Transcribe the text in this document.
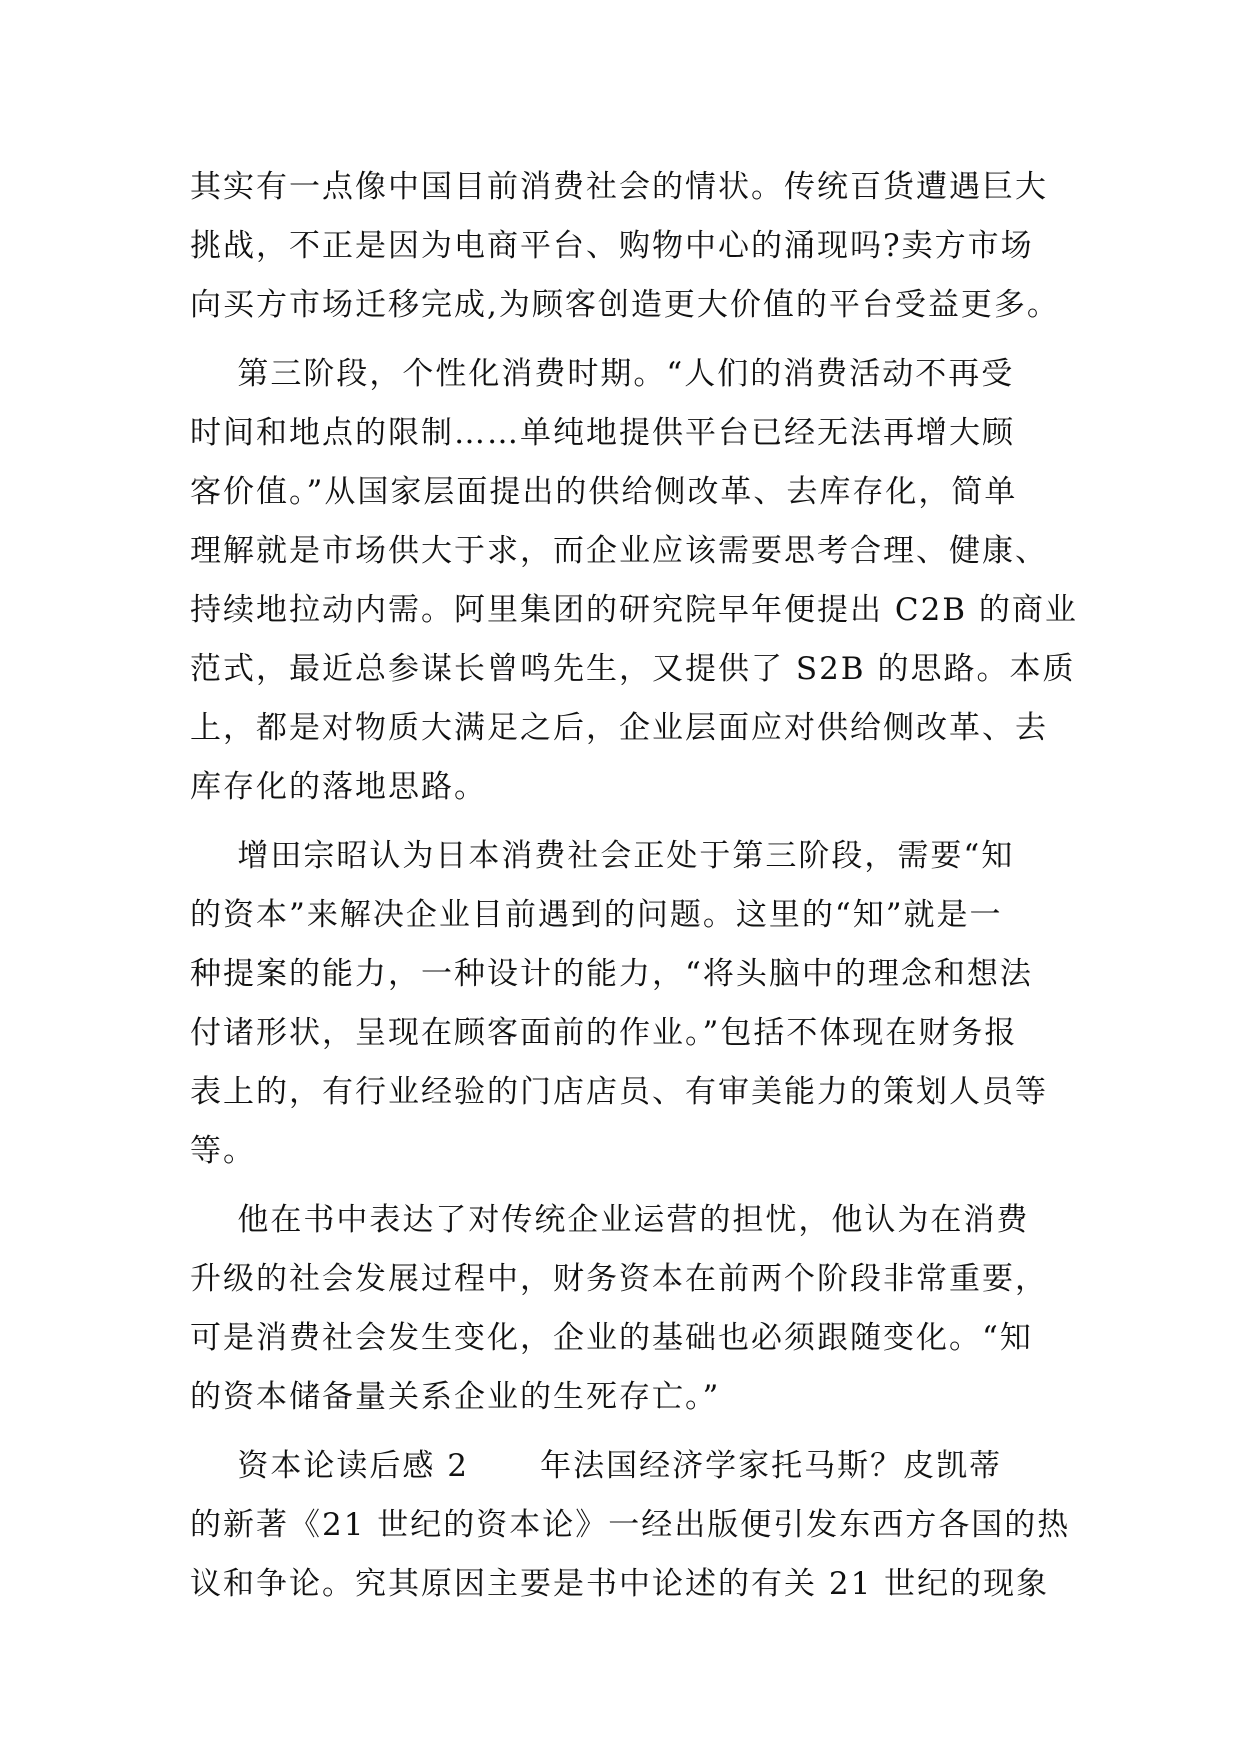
其实有一点像中国目前消费社会的情状。传统百货遭遇巨大
挑战，不正是因为电商平台、购物中心的涌现吗?卖方市场
向买方市场迁移完成,为顾客创造更大价值的平台受益更多。
第三阶段，个性化消费时期。“人们的消费活动不再受
时间和地点的限制……单纯地提供平台已经无法再增大顾
客价值。”从国家层面提出的供给侧改革、去库存化，简单
理解就是市场供大于求，而企业应该需要思考合理、健康、
持续地拉动内需。阿里集团的研究院早年便提出 C2B 的商业
范式，最近总参谋长曾鸣先生，又提供了 S2B 的思路。本质
上，都是对物质大满足之后，企业层面应对供给侧改革、去
库存化的落地思路。
增田宗昭认为日本消费社会正处于第三阶段，需要“知
的资本”来解决企业目前遇到的问题。这里的“知”就是一
种提案的能力，一种设计的能力，“将头脑中的理念和想法
付诸形状，呈现在顾客面前的作业。”包括不体现在财务报
表上的，有行业经验的门店店员、有审美能力的策划人员等
等。
他在书中表达了对传统企业运营的担忧，他认为在消费
升级的社会发展过程中，财务资本在前两个阶段非常重要，
可是消费社会发生变化，企业的基础也必须跟随变化。“知
的资本储备量关系企业的生死存亡。”
资本论读后感 2      年法国经济学家托马斯？皮凯蒂
的新著《21 世纪的资本论》一经出版便引发东西方各国的热
议和争论。究其原因主要是书中论述的有关 21 世纪的现象
